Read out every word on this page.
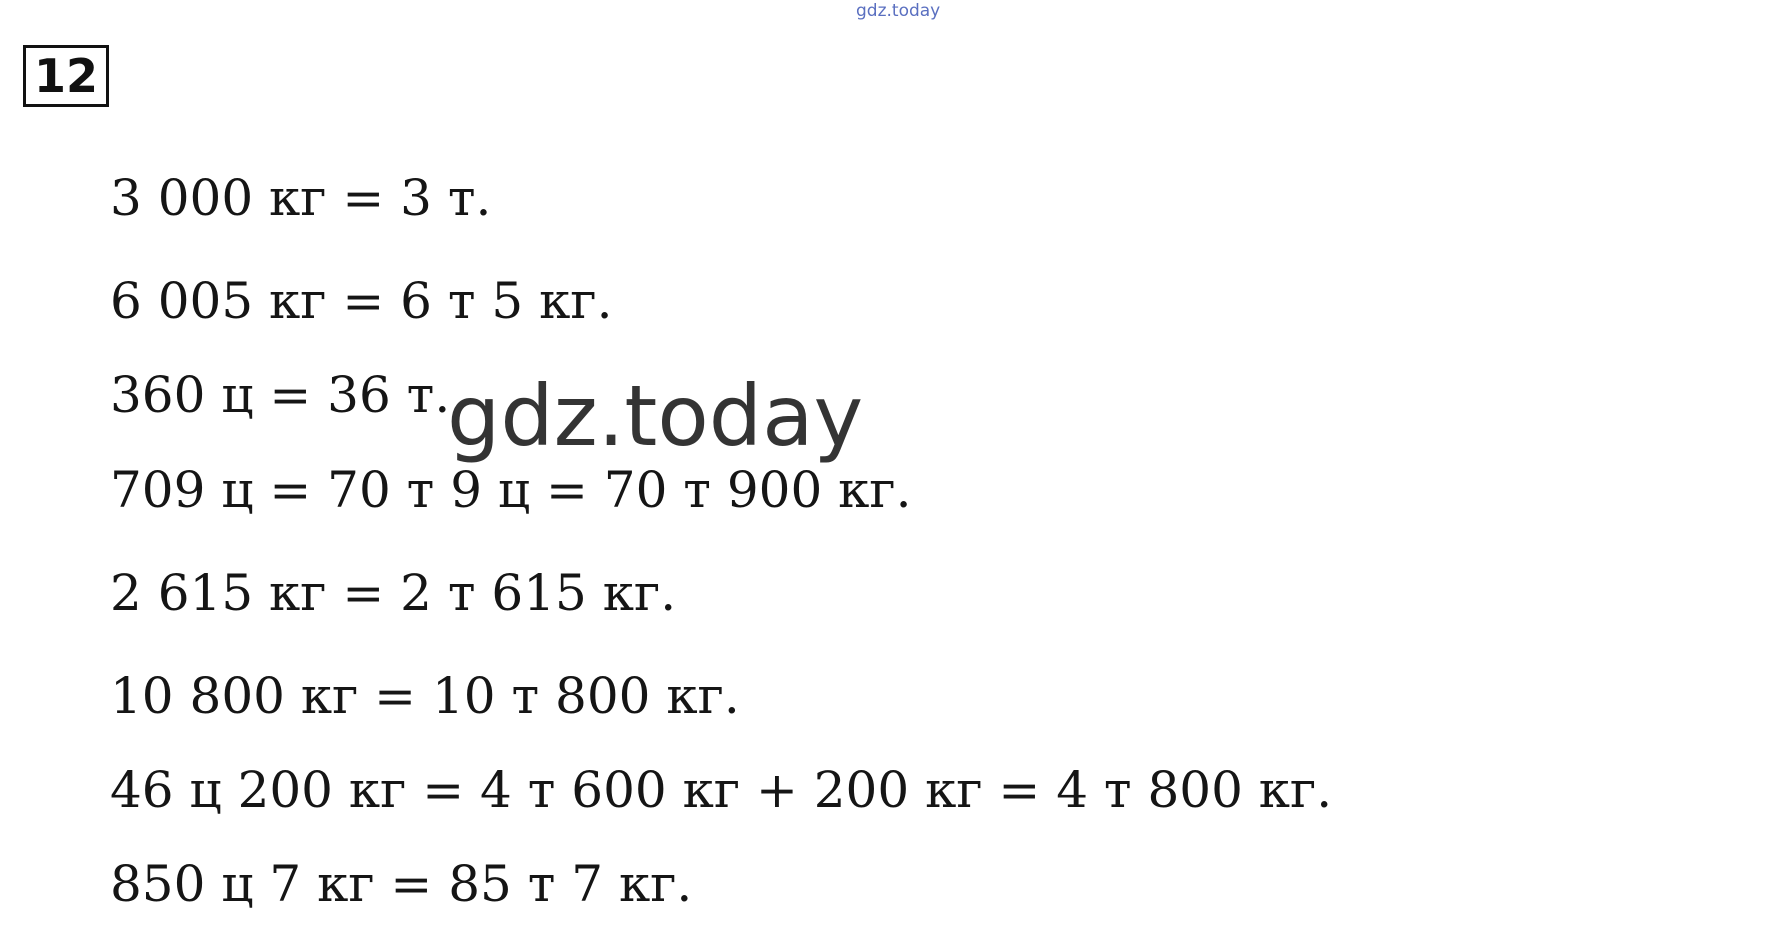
gdz.today
12
3 000 кг = 3 т.
6 005 кг = 6 т 5 кг.
360 ц = 36 т.
709 ц = 70 т 9 ц = 70 т 900 кг.
2 615 кг = 2 т 615 кг.
10 800 кг = 10 т 800 кг.
46 ц 200 кг = 4 т 600 кг + 200 кг = 4 т 800 кг.
850 ц 7 кг = 85 т 7 кг.
gdz.today
